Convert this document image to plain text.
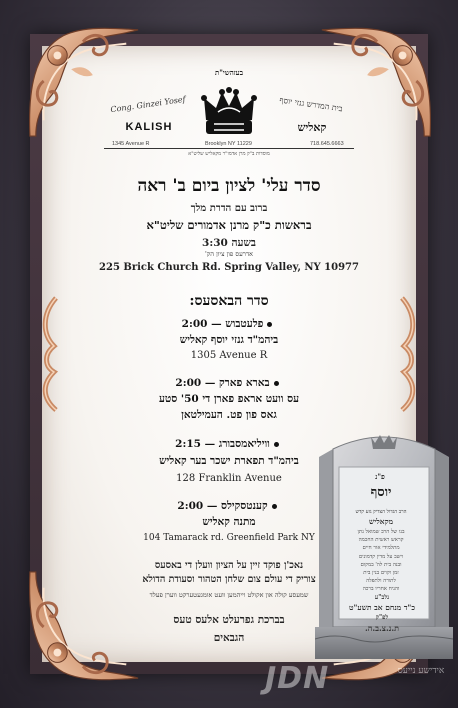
בעזהשי"ת
Cong. Ginzei Yosef
KALISH
בית המדרש גנזי יוסף
קאליש
1345 Avenue R	Brooklyn NY 11229	718.645.6663
מוסדות ב"ק מרן אדמו"ר מקאליש שליט"א
סדר עלי' לציון ביום ב' ראה
ברוב עם הדרת מלך
בראשות כ"ק מרנן אדמורים שליט"א
בשעה 3:30
אדרעס פון ציון הק'
225 Brick Church Rd. Spring Valley, NY 10977
סדר הבאסעס:
פלעטבוש — 2:00
ביהמ"ד גנזי יוסף קאליש
1305 Avenue R
בארא פארק — 2:00
עס וועט אראפ פארן די 50' סטע
גאס פון פט. העמילטאן
וויליאמסבורג — 2:15
ביהמ"ד תפארת ישכר בער קאליש
128 Franklin Avenue
קענטסקילס — 2:00
מתנה קאליש
104 Tamarack rd. Greenfield Park NY
נאכ'ן פוקד זיין על הציון וועלן די באסעס
צוריק די עולם צום שלחן הטהור וסעודת הדולא
שמעסע קולה און אקולט וייהמען וועט אומגעטערקט ווערן פעלד
בברכת גפרעלט אלעס טעס
הגבאים
פ"נ
יוסף
הרב הגדול הצדיק גזע קדש
מקאליש
בנו של הרב שמואל נתן
קראש ראשית החכמה
מתלמידי אור חיים
וישב על מדין קדמונים
ובנה בית לה' במקום
זמן וקוים בנין בית
לתורה ולתפלה
והניח אחריו ברכה
נלב"ע
כ"ד מנחם אב תשע"ט
לפ"ק
ת.נ.צ.ב.ה.
JDN	אידישע נייעס
